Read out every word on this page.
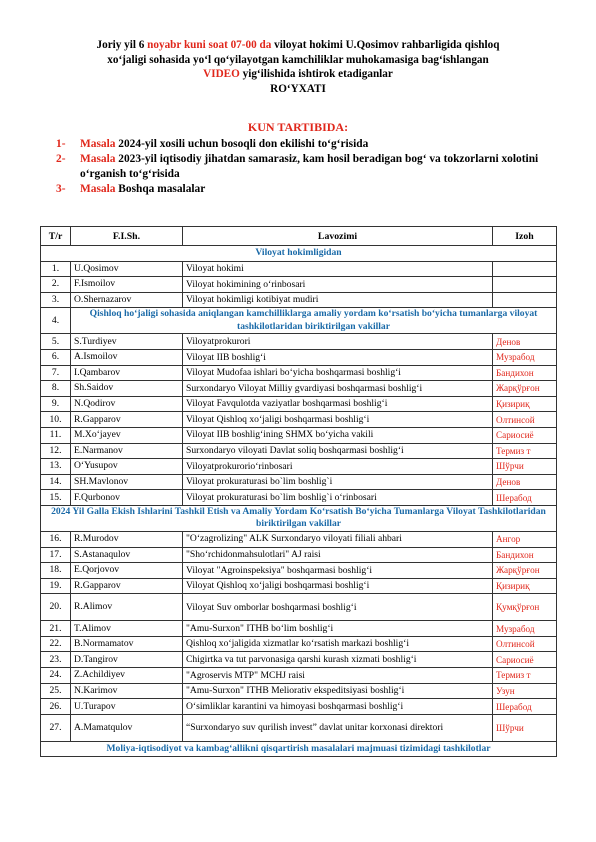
Joriy yil 6 noyabr kuni soat 07-00 da viloyat hokimi U.Qosimov rahbarligida qishloq
xo‘jaligi sohasida yo‘l qo‘yilayotgan kamchiliklar muhokamasiga bag‘ishlangan
VIDEO yig‘ilishida ishtirok etadiganlar
RO‘YXATI
KUN TARTIBIDA:
1- Masala 2024-yil xosili uchun bosoqli don ekilishi to‘g‘risida
2- Masala 2023-yil iqtisodiy jihatdan samarasiz, kam hosil beradigan bog‘ va tokzorlarni xolotini o‘rganish to‘g‘risida
3- Masala Boshqa masalalar
T/r	F.I.Sh.	Lavozimi	Izoh
Viloyat hokimligidan			
1.	U.Qosimov	Viloyat hokimi	
2.	F.Ismoilov	Viloyat hokimining o‘rinbosari	
3.	O.Shernazarov	Viloyat hokimligi kotibiyat mudiri	
4.	Qishloq ho‘jaligi sohasida aniqlangan kamchilliklarga amaliy yordam ko‘rsatish bo‘yicha tumanlarga viloyat tashkilotlaridan biriktirilgan vakillar		
5.	S.Turdiyev	Viloyatprokurori	Денов
6.	A.Ismoilov	Viloyat IIB boshlig‘i	Музрабод
7.	I.Qambarov	Viloyat Mudofaa ishlari bo‘yicha boshqarmasi boshlig‘i	Бандихон
8.	Sh.Saidov	Surxondaryo Viloyat Milliy gvardiyasi boshqarmasi boshlig‘i	Жарқўрғон
9.	N.Qodirov	Viloyat Favqulotda vaziyatlar boshqarmasi boshlig‘i	Қизириқ
10.	R.Gapparov	Viloyat Qishloq xo‘jaligi boshqarmasi boshlig‘i	Олтинсой
11.	M.Xo‘jayev	Viloyat IIB boshlig‘ining SHMX bo‘yicha vakili	Сариосиё
12.	E.Narmanov	Surxondaryo viloyati Davlat soliq boshqarmasi boshlig‘i	Термиз т
13.	O‘Yusupov	Viloyatprokurorio‘rinbosari	Шўрчи
14.	SH.Mavlonov	Viloyat prokuraturasi bo`lim boshlig`i	Денов
15.	F.Qurbonov	Viloyat prokuraturasi bo`lim boshlig`i o‘rinbosari	Шерабод
2024 Yil Galla Ekish Ishlarini Tashkil Etish va Amaliy Yordam Ko‘rsatish Bo‘yicha Tumanlarga Viloyat Tashkilotlaridan biriktirilgan vakillar			
16.	R.Murodov	"O‘zagrolizing" ALK Surxondaryo viloyati filiali ahbari	Ангор
17.	S.Astanaqulov	"Sho‘rchidonmahsulotlari" AJ raisi	Бандихон
18.	E.Qorjovov	Viloyat "Agroinspeksiya" boshqarmasi boshlig‘i	Жарқўрғон
19.	R.Gapparov	Viloyat Qishloq xo‘jaligi boshqarmasi boshlig‘i	Қизириқ
20.	R.Alimov	Viloyat Suv omborlar boshqarmasi boshlig‘i	Қумқўрғон
21.	T.Alimov	"Amu-Surxon" ITHB bo‘lim boshlig‘i	Музрабод
22.	B.Normamatov	Qishloq xo‘jaligida xizmatlar ko‘rsatish markazi boshlig‘i	Олтинсой
23.	D.Tangirov	Chigirtka va tut parvonasiga qarshi kurash xizmati boshlig‘i	Сариосиё
24.	Z.Achildiyev	"Agroservis MTP" MCHJ raisi	Термиз т
25.	N.Karimov	"Amu-Surxon" ITHB Meliorativ ekspeditsiyasi boshlig‘i	Узун
26.	U.Turapov	O‘simliklar karantini va himoyasi boshqarmasi boshlig‘i	Шерабод
27.	A.Mamatqulov	“Surxondaryo suv qurilish invest” davlat unitar korxonasi direktori	Шўрчи
Moliya-iqtisodiyot va kambag‘allikni qisqartirish masalalari majmuasi tizimidagi tashkilotlar			
